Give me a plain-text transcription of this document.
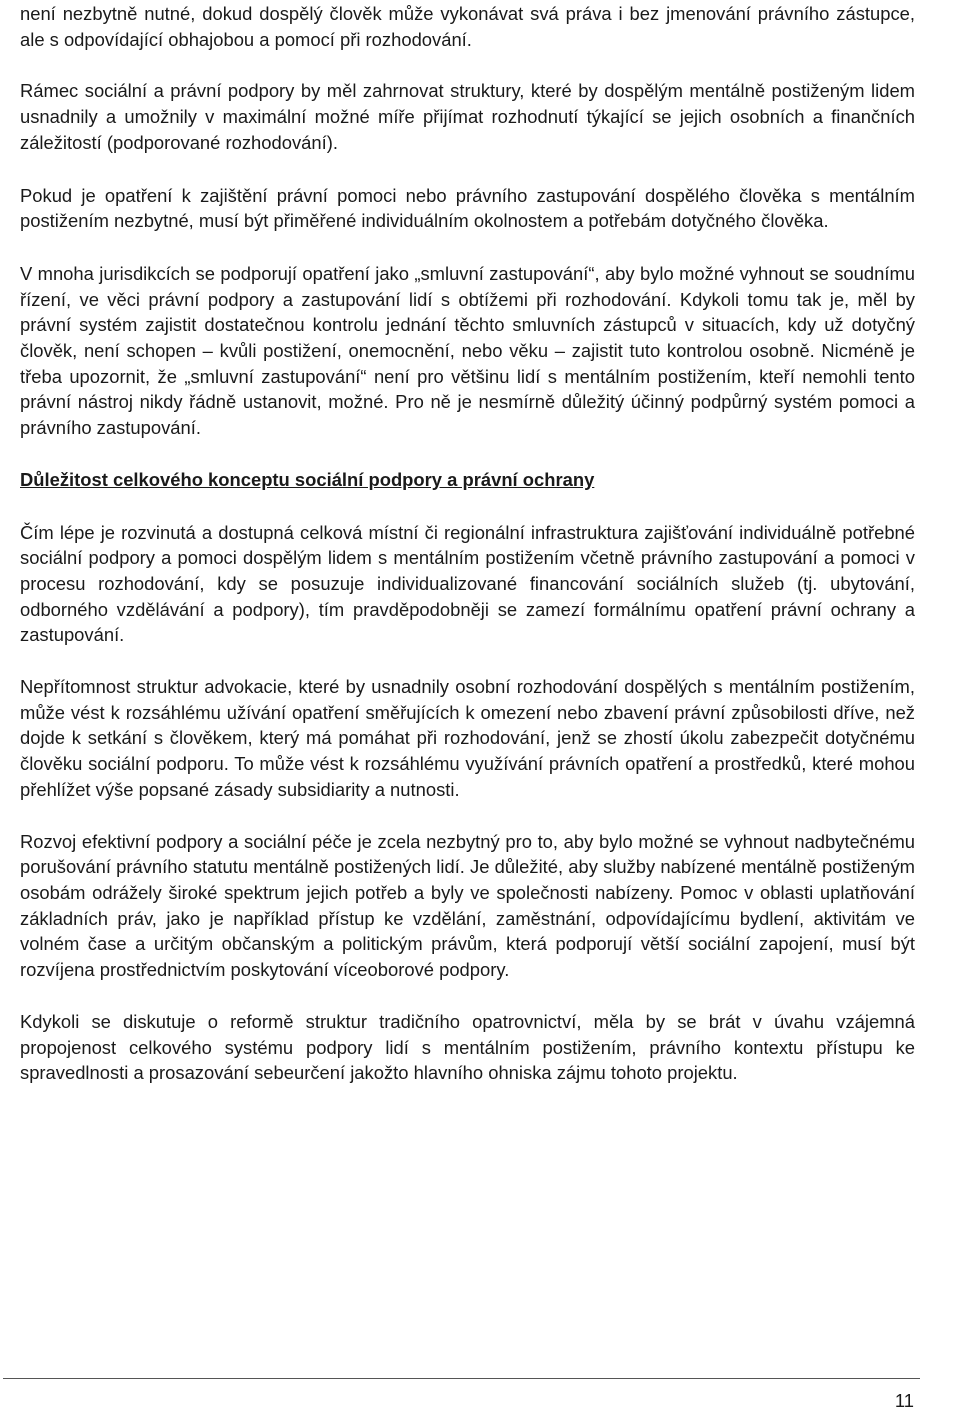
není nezbytně nutné, dokud dospělý člověk může vykonávat svá práva i bez jmenování právního zástupce, ale s odpovídající obhajobou a pomocí při rozhodování.

Rámec sociální a právní podpory by měl zahrnovat struktury, které by dospělým mentálně postiženým lidem usnadnily a umožnily v maximální možné míře přijímat rozhodnutí týkající se jejich osobních a finančních záležitostí (podporované rozhodování).

Pokud je opatření k zajištění právní pomoci nebo právního zastupování dospělého člověka s mentálním postižením nezbytné, musí být přiměřené individuálním okolnostem a potřebám dotyčného člověka.

V mnoha jurisdikcích se podporují opatření jako „smluvní zastupování“, aby bylo možné vyhnout se soudnímu řízení, ve věci právní podpory a zastupování lidí s obtížemi při rozhodování. Kdykoli tomu tak je, měl by právní systém zajistit dostatečnou kontrolu jednání těchto smluvních zástupců v situacích, kdy už dotyčný člověk, není schopen – kvůli postižení, onemocnění, nebo věku – zajistit tuto kontrolou osobně. Nicméně je třeba upozornit, že „smluvní zastupování“ není pro většinu lidí s mentálním postižením, kteří nemohli tento právní nástroj nikdy řádně ustanovit, možné. Pro ně je nesmírně důležitý účinný podpůrný systém pomoci a právního zastupování.

Důležitost celkového konceptu sociální podpory a právní ochrany

Čím lépe je rozvinutá a dostupná celková místní či regionální infrastruktura zajišťování individuálně potřebné sociální podpory a pomoci dospělým lidem s mentálním postižením včetně právního zastupování a pomoci v procesu rozhodování, kdy se posuzuje individualizované financování sociálních služeb (tj. ubytování, odborného vzdělávání a podpory), tím pravděpodobněji se zamezí formálnímu opatření právní ochrany a zastupování.

Nepřítomnost struktur advokacie, které by usnadnily osobní rozhodování dospělých s mentálním postižením, může vést k rozsáhlému užívání opatření směřujících k omezení nebo zbavení právní způsobilosti dříve, než dojde k setkání s člověkem, který má pomáhat při rozhodování, jenž se zhostí úkolu zabezpečit dotyčnému člověku sociální podporu. To může vést k rozsáhlému využívání právních opatření a prostředků, které mohou přehlížet výše popsané zásady subsidiarity a nutnosti.

Rozvoj efektivní podpory a sociální péče je zcela nezbytný pro to, aby bylo možné se vyhnout nadbytečnému porušování právního statutu mentálně postižených lidí. Je důležité, aby služby nabízené mentálně postiženým osobám odrážely široké spektrum jejich potřeb a byly ve společnosti nabízeny. Pomoc v oblasti uplatňování základních práv, jako je například přístup ke vzdělání, zaměstnání, odpovídajícímu bydlení, aktivitám ve volném čase a určitým občanským a politickým právům, která podporují větší sociální zapojení, musí být rozvíjena prostřednictvím poskytování víceoborové podpory.

Kdykoli se diskutuje o reformě struktur tradičního opatrovnictví, měla by se brát v úvahu vzájemná propojenost celkového systému podpory lidí s mentálním postižením, právního kontextu přístupu ke spravedlnosti a prosazování sebeurčení jakožto hlavního ohniska zájmu tohoto projektu.

11
